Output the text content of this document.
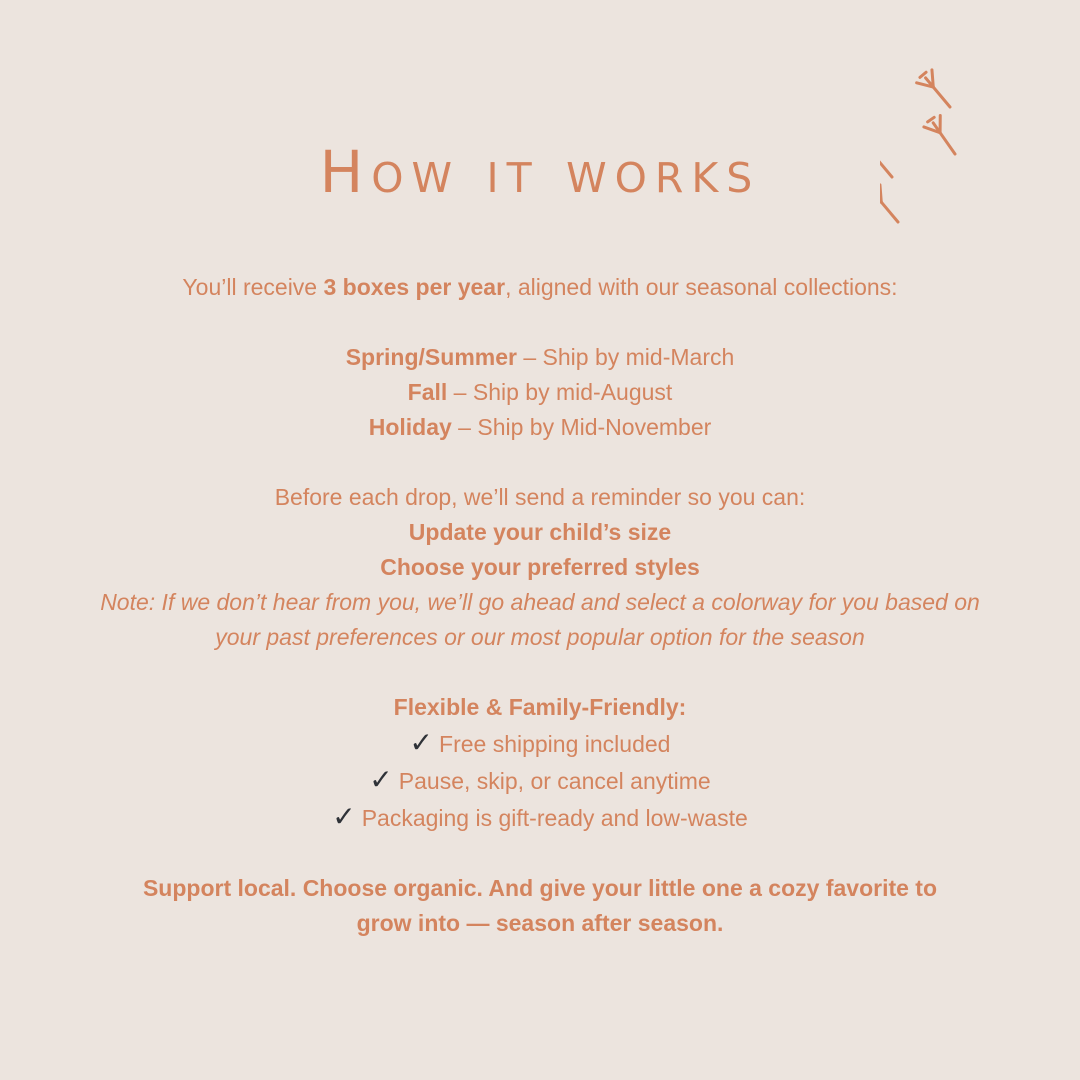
How it works

You’ll receive 3 boxes per year, aligned with our seasonal collections:

Spring/Summer – Ship by mid-March

Fall – Ship by mid-August

Holiday – Ship by Mid-November

Before each drop, we’ll send a reminder so you can:

Update your child’s size

Choose your preferred styles

Note: If we don’t hear from you, we’ll go ahead and select a colorway for you based on

your past preferences or our most popular option for the season

Flexible & Family-Friendly:

✓ Free shipping included

✓ Pause, skip, or cancel anytime

✓ Packaging is gift-ready and low-waste

Support local. Choose organic. And give your little one a cozy favorite to

grow into — season after season.
